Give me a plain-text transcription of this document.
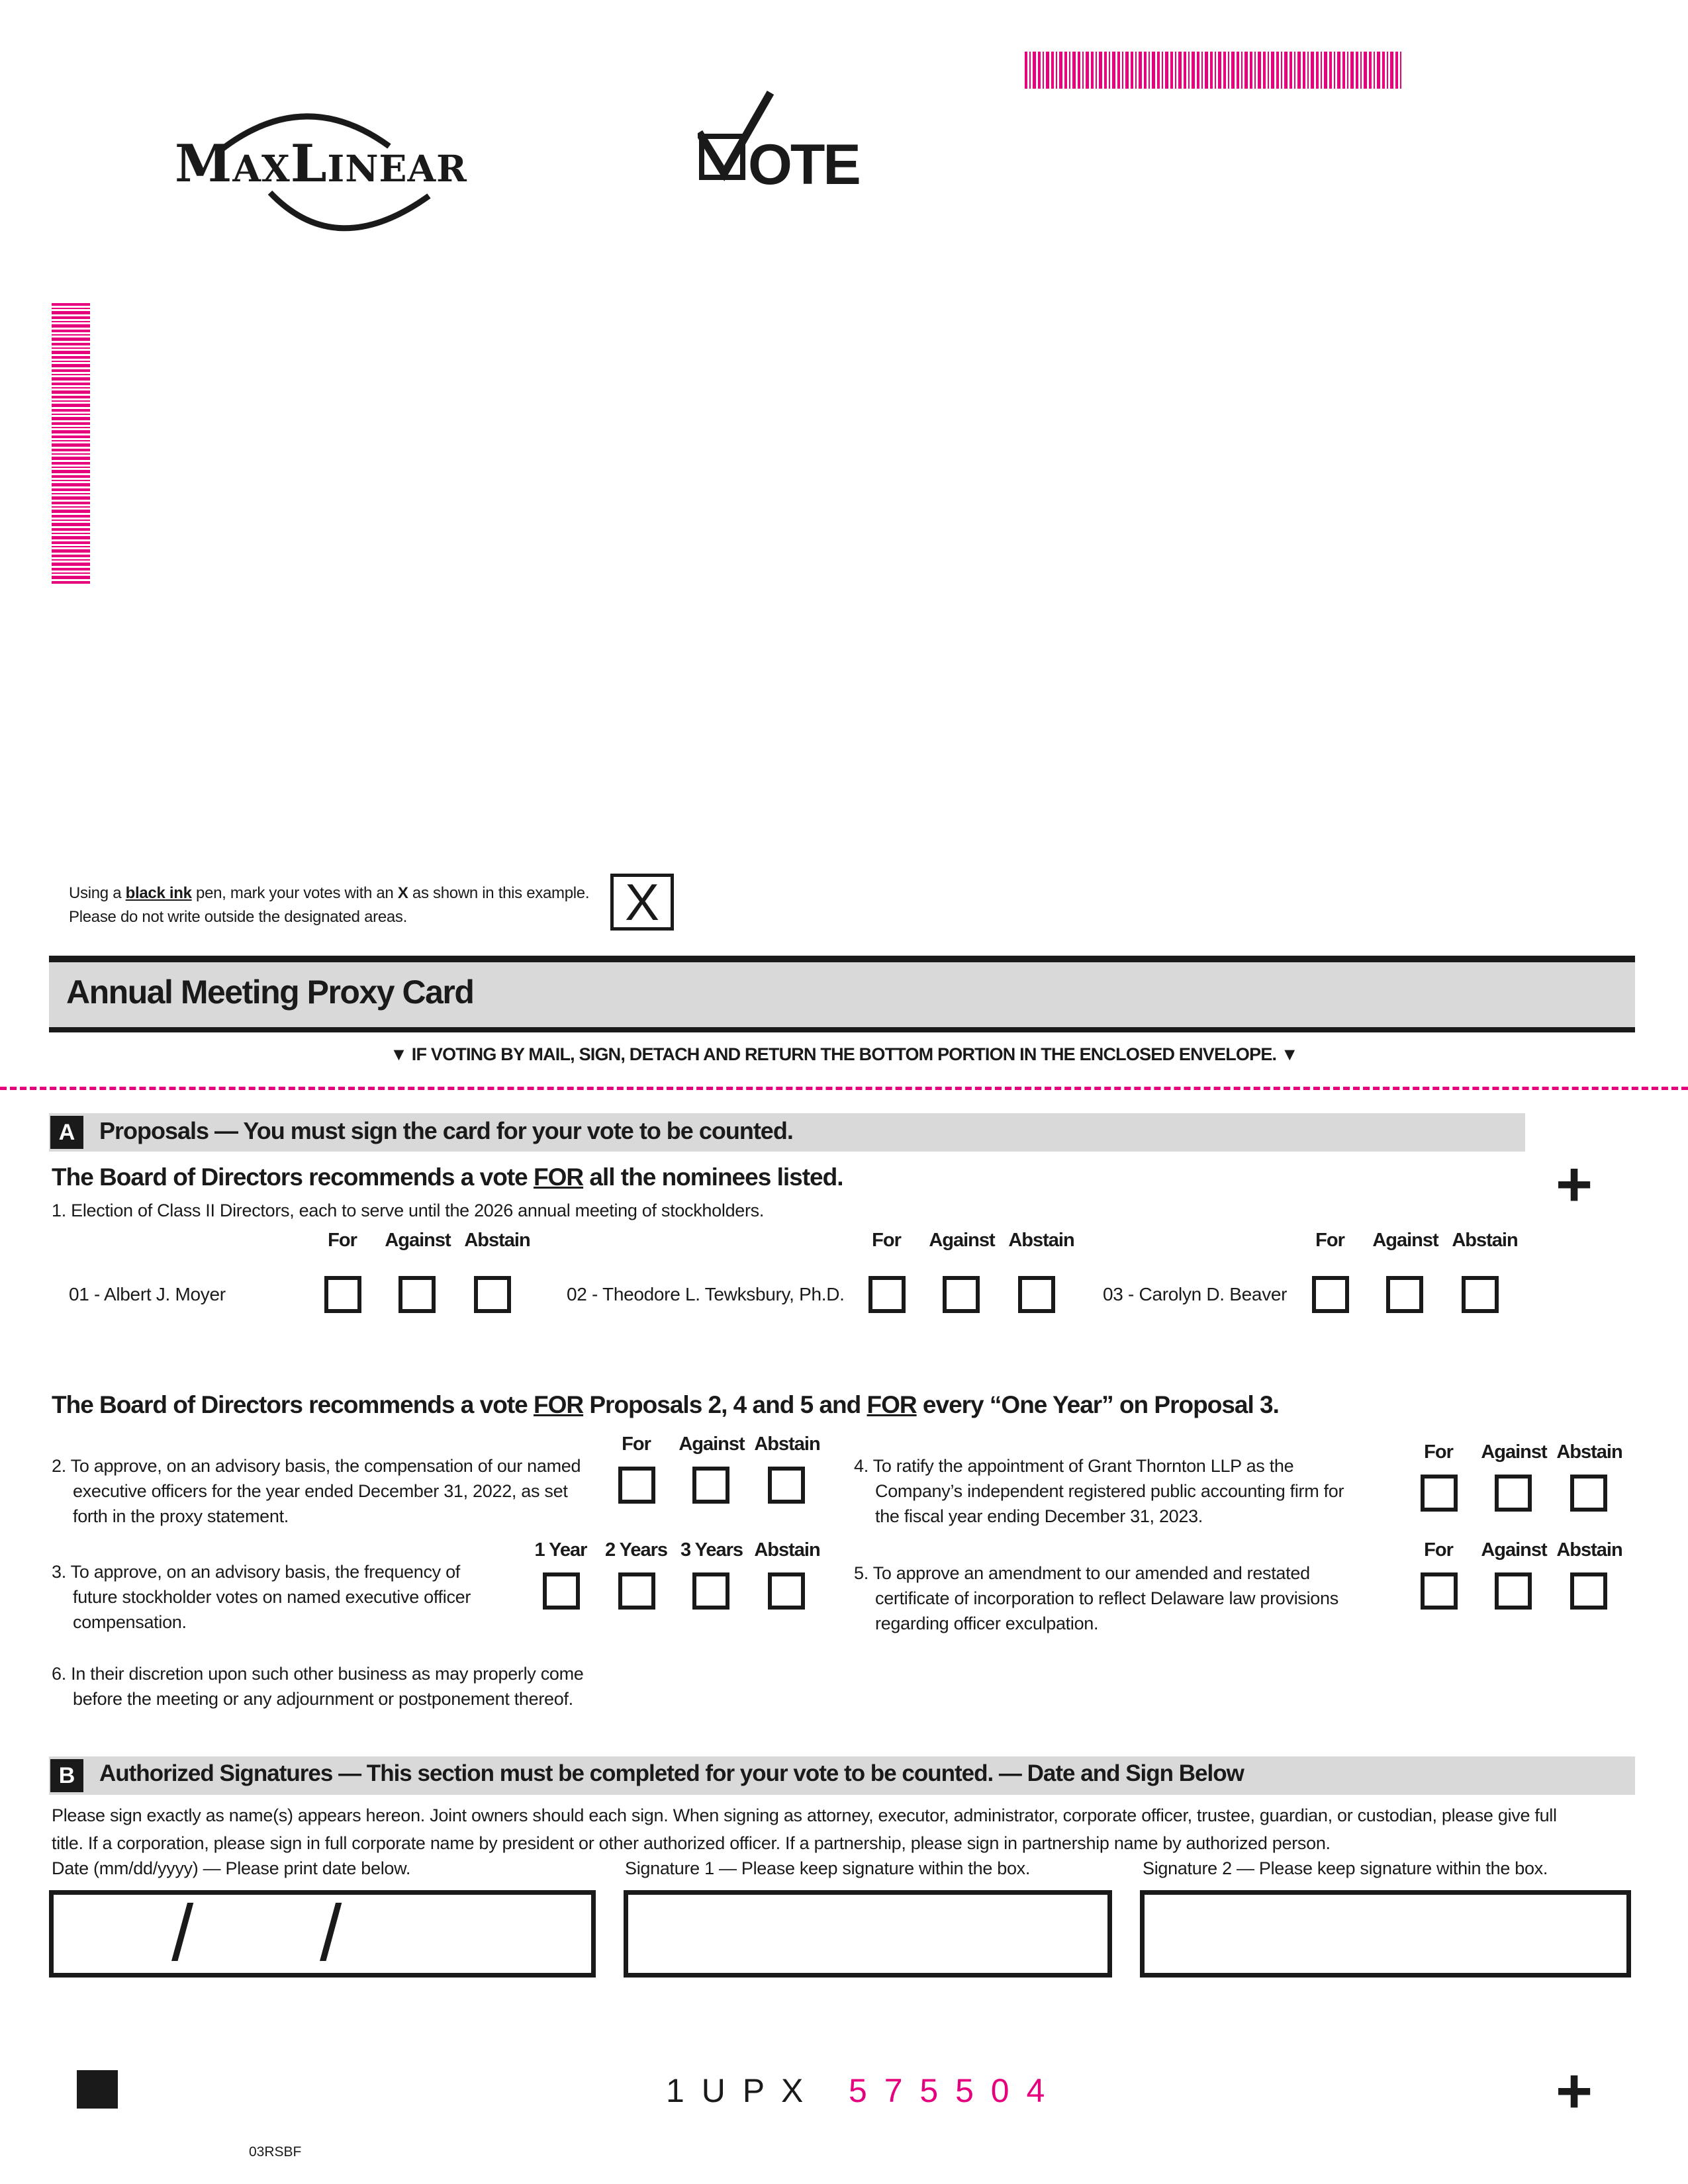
MaxLinear	OTE
Using a black ink pen, mark your votes with an X as shown in this example.
Please do not write outside the designated areas.	X
Annual Meeting Proxy Card
▼ IF VOTING BY MAIL, SIGN, DETACH AND RETURN THE BOTTOM PORTION IN THE ENCLOSED ENVELOPE. ▼
A	Proposals — You must sign the card for your vote to be counted.
+
The Board of Directors recommends a vote FOR all the nominees listed.
1. Election of Class II Directors, each to serve until the 2026 annual meeting of stockholders.
For	Against Abstain	For	Against Abstain	For	Against Abstain
01 - Albert J. Moyer	02 - Theodore L. Tewksbury, Ph.D.	03 - Carolyn D. Beaver
The Board of Directors recommends a vote FOR Proposals 2, 4 and 5 and FOR every “One Year” on Proposal 3.
2. To approve, on an advisory basis, the compensation of our named
executive officers for the year ended December 31, 2022, as set
forth in the proxy statement.
For	Against Abstain
3. To approve, on an advisory basis, the frequency of
future stockholder votes on named executive officer
compensation.
1 Year 2 Years 3 Years Abstain
4. To ratify the appointment of Grant Thornton LLP as the
Company’s independent registered public accounting firm for
the fiscal year ending December 31, 2023.
For	Against Abstain
5. To approve an amendment to our amended and restated
certificate of incorporation to reflect Delaware law provisions
regarding officer exculpation.
For	Against Abstain
6. In their discretion upon such other business as may properly come
before the meeting or any adjournment or postponement thereof.
B	Authorized Signatures — This section must be completed for your vote to be counted. — Date and Sign Below
Please sign exactly as name(s) appears hereon. Joint owners should each sign. When signing as attorney, executor, administrator, corporate officer, trustee, guardian, or custodian, please give full
title. If a corporation, please sign in full corporate name by president or other authorized officer. If a partnership, please sign in partnership name by authorized person.
Date (mm/dd/yyyy) — Please print date below.	Signature 1 — Please keep signature within the box.	Signature 2 — Please keep signature within the box.
/ /
1 U P X 5 7 5 5 0 4	+
03RSBF
